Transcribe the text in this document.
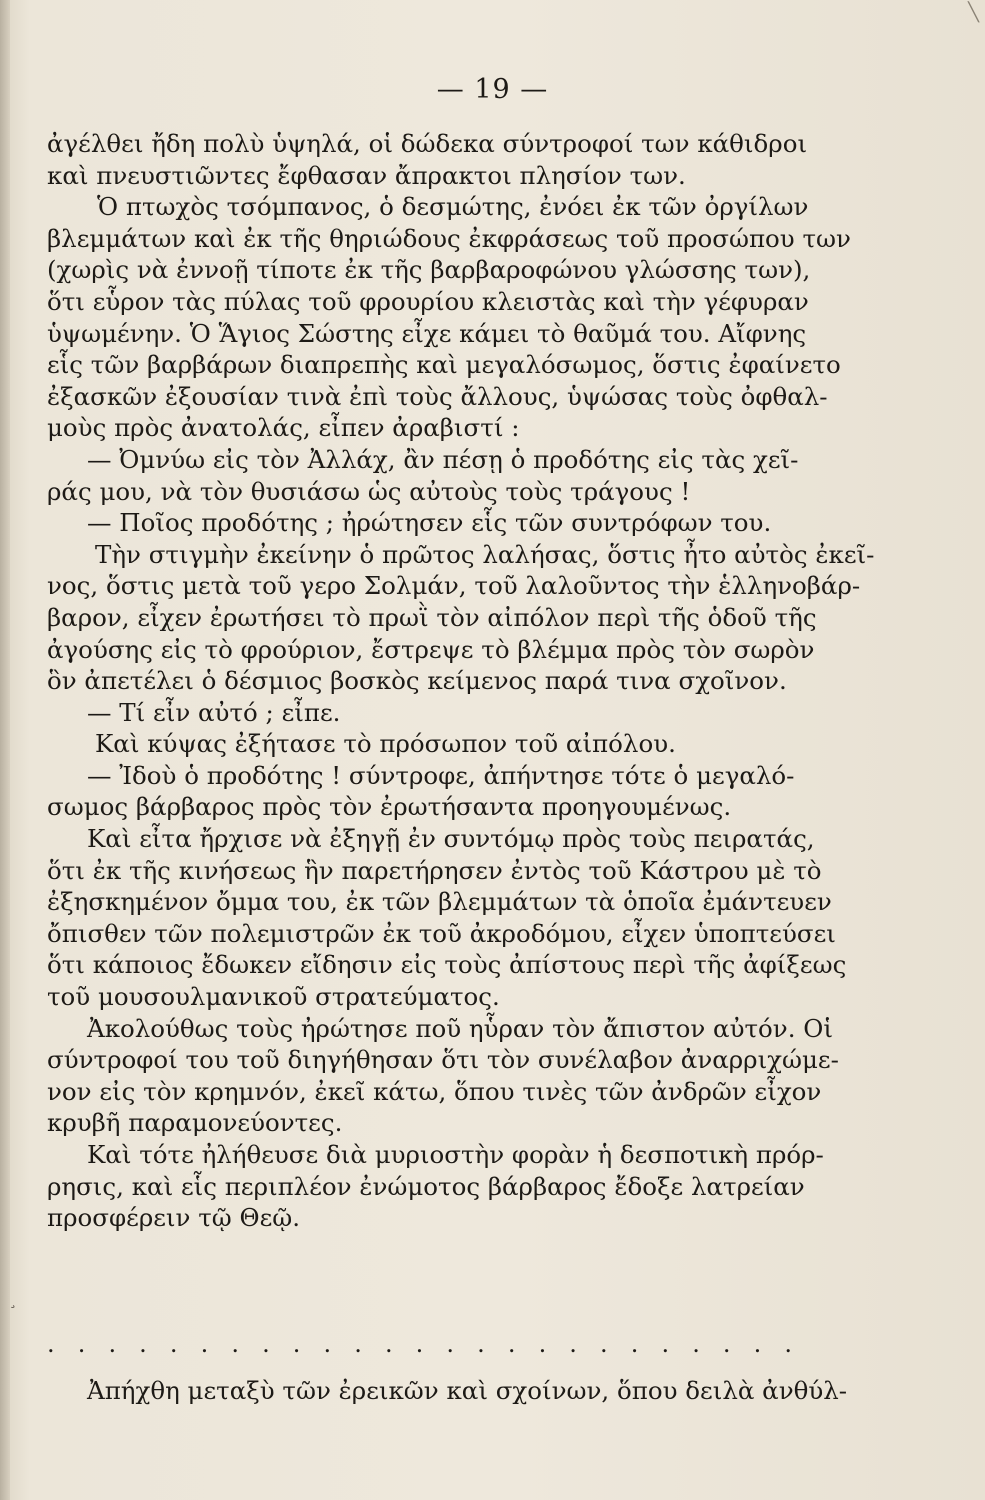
╲
— 19 —
ἀγέλθει ἤδη πολὺ ὑψηλά, οἱ δώδεκα σύντροφοί των κάθιδροι
καὶ πνευστιῶντες ἔφθασαν ἄπρακτοι πλησίον των.
Ὁ πτωχὸς τσόμπανος, ὁ δεσμώτης, ἐνόει ἐκ τῶν ὀργίλων
βλεμμάτων καὶ ἐκ τῆς θηριώδους ἐκφράσεως τοῦ προσώπου των
(χωρὶς νὰ ἐννοῇ τίποτε ἐκ τῆς βαρβαροφώνου γλώσσης των),
ὅτι εὗρον τὰς πύλας τοῦ φρουρίου κλειστὰς καὶ τὴν γέφυραν
ὑψωμένην. Ὁ Ἅγιος Σώστης εἶχε κάμει τὸ θαῦμά του. Αἴφνης
εἷς τῶν βαρβάρων διαπρεπὴς καὶ μεγαλόσωμος, ὅστις ἐφαίνετο
ἐξασκῶν ἐξουσίαν τινὰ ἐπὶ τοὺς ἄλλους, ὑψώσας τοὺς ὀφθαλ-
μοὺς πρὸς ἀνατολάς, εἶπεν ἀραβιστί :
— Ὀμνύω εἰς τὸν Ἀλλάχ, ἂν πέσῃ ὁ προδότης εἰς τὰς χεῖ-
ράς μου, νὰ τὸν θυσιάσω ὡς αὐτοὺς τοὺς τράγους !
— Ποῖος προδότης ; ἠρώτησεν εἷς τῶν συντρόφων του.
Τὴν στιγμὴν ἐκείνην ὁ πρῶτος λαλήσας, ὅστις ἦτο αὐτὸς ἐκεῖ-
νος, ὅστις μετὰ τοῦ γερο Σολμάν, τοῦ λαλοῦντος τὴν ἑλληνοβάρ-
βαρον, εἶχεν ἐρωτήσει τὸ πρωῒ τὸν αἰπόλον περὶ τῆς ὁδοῦ τῆς
ἀγούσης εἰς τὸ φρούριον, ἔστρεψε τὸ βλέμμα πρὸς τὸν σωρὸν
ὃν ἀπετέλει ὁ δέσμιος βοσκὸς κείμενος παρά τινα σχοῖνον.
— Τί εἶν αὐτό ; εἶπε.
Καὶ κύψας ἐξήτασε τὸ πρόσωπον τοῦ αἰπόλου.
— Ἰδοὺ ὁ προδότης ! σύντροφε, ἀπήντησε τότε ὁ μεγαλό-
σωμος βάρβαρος πρὸς τὸν ἐρωτήσαντα προηγουμένως.
Καὶ εἶτα ἤρχισε νὰ ἐξηγῇ ἐν συντόμῳ πρὸς τοὺς πειρατάς,
ὅτι ἐκ τῆς κινήσεως ἣν παρετήρησεν ἐντὸς τοῦ Κάστρου μὲ τὸ
ἐξησκημένον ὄμμα του, ἐκ τῶν βλεμμάτων τὰ ὁποῖα ἐμάντευεν
ὄπισθεν τῶν πολεμιστρῶν ἐκ τοῦ ἀκροδόμου, εἶχεν ὑποπτεύσει
ὅτι κάποιος ἔδωκεν εἴδησιν εἰς τοὺς ἀπίστους περὶ τῆς ἀφίξεως
τοῦ μουσουλμανικοῦ στρατεύματος.
Ἀκολούθως τοὺς ἠρώτησε ποῦ ηὗραν τὸν ἄπιστον αὐτόν. Οἱ
σύντροφοί του τοῦ διηγήθησαν ὅτι τὸν συνέλαβον ἀναρριχώμε-
νον εἰς τὸν κρημνόν, ἐκεῖ κάτω, ὅπου τινὲς τῶν ἀνδρῶν εἶχον
κρυβῆ παραμονεύοντες.
Καὶ τότε ἠλήθευσε διὰ μυριοστὴν φορὰν ἡ δεσποτικὴ πρόρ-
ρησις, καὶ εἷς περιπλέον ἐνώμοτος βάρβαρος ἔδοξε λατρείαν
προσφέρειν τῷ Θεῷ.
¸
. . . . . . . . . . . . . . . . . . . . . . . . .
Ἀπήχθη μεταξὺ τῶν ἐρεικῶν καὶ σχοίνων, ὅπου δειλὰ ἀνθύλ-
